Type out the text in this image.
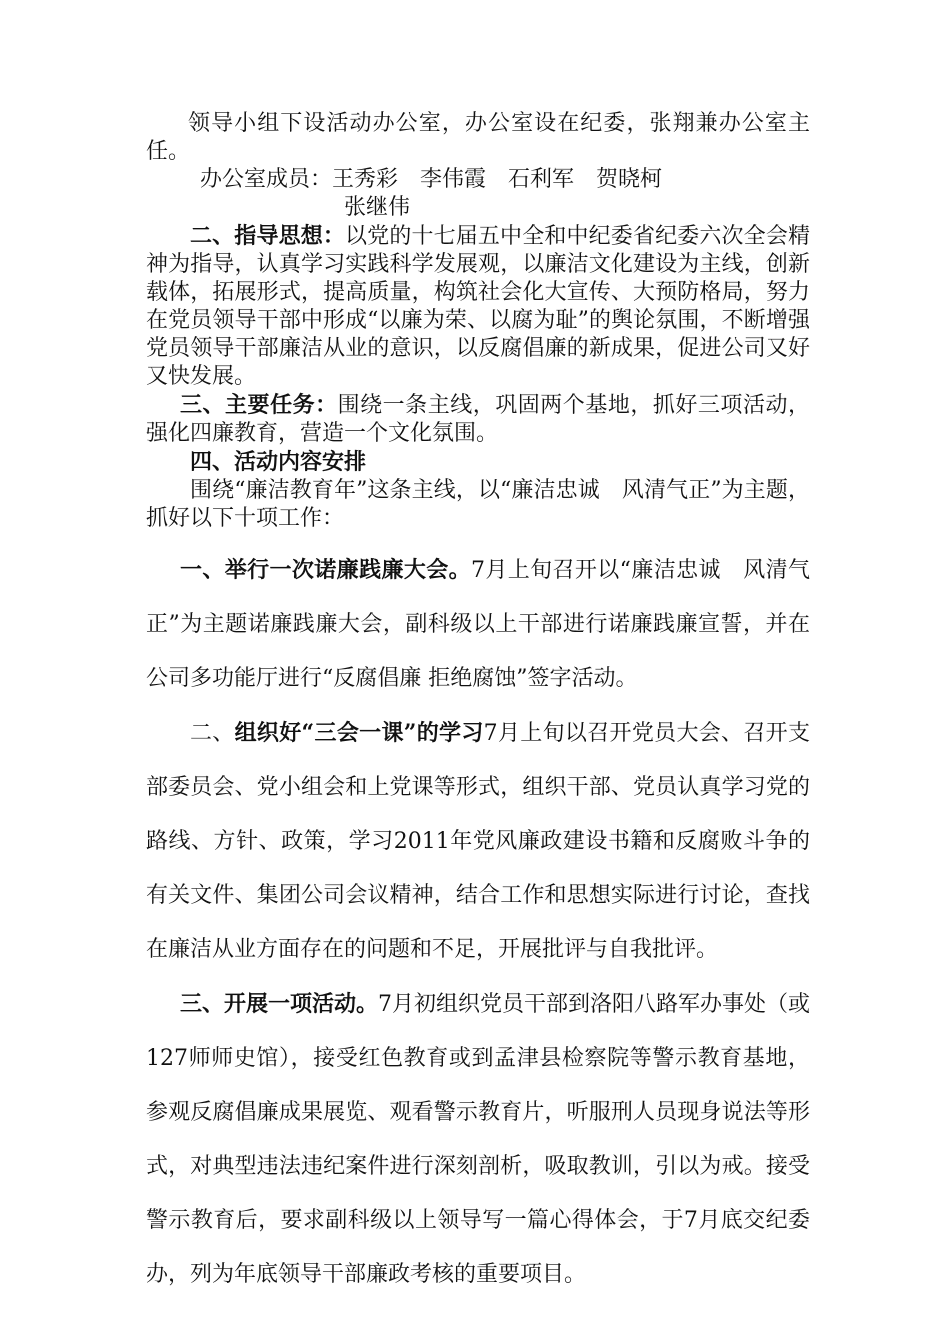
领导小组下设活动办公室，办公室设在纪委，张翔兼办公室主任。

办公室成员：王秀彩　李伟霞　石利军　贺晓柯
张继伟

二、指导思想：以党的十七届五中全和中纪委省纪委六次全会精神为指导，认真学习实践科学发展观，以廉洁文化建设为主线，创新载体，拓展形式，提高质量，构筑社会化大宣传、大预防格局，努力在党员领导干部中形成“以廉为荣、以腐为耻”的舆论氛围，不断增强党员领导干部廉洁从业的意识，以反腐倡廉的新成果，促进公司又好又快发展。

三、主要任务：围绕一条主线，巩固两个基地，抓好三项活动，强化四廉教育，营造一个文化氛围。

四、活动内容安排

围绕“廉洁教育年”这条主线，以“廉洁忠诚　风清气正”为主题，抓好以下十项工作：

一、举行一次诺廉践廉大会。7月上旬召开以“廉洁忠诚　风清气正”为主题诺廉践廉大会，副科级以上干部进行诺廉践廉宣誓，并在公司多功能厅进行“反腐倡廉 拒绝腐蚀”签字活动。

二、组织好“三会一课”的学习7月上旬以召开党员大会、召开支部委员会、党小组会和上党课等形式，组织干部、党员认真学习党的路线、方针、政策，学习2011年党风廉政建设书籍和反腐败斗争的有关文件、集团公司会议精神，结合工作和思想实际进行讨论，查找在廉洁从业方面存在的问题和不足，开展批评与自我批评。

三、开展一项活动。7月初组织党员干部到洛阳八路军办事处（或127师师史馆），接受红色教育或到孟津县检察院等警示教育基地，参观反腐倡廉成果展览、观看警示教育片，听服刑人员现身说法等形式，对典型违法违纪案件进行深刻剖析，吸取教训，引以为戒。接受警示教育后，要求副科级以上领导写一篇心得体会，于7月底交纪委办，列为年底领导干部廉政考核的重要项目。
